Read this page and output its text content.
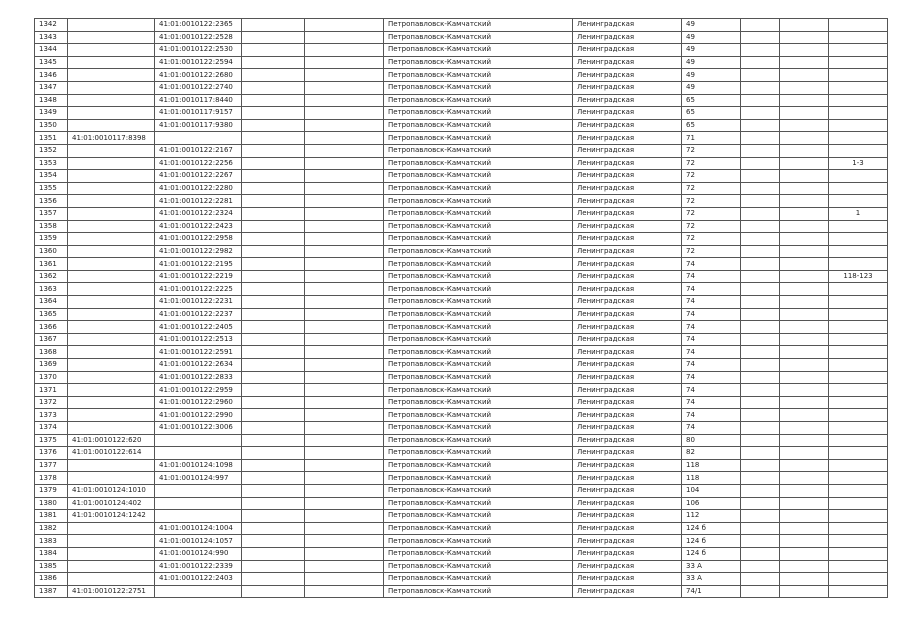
1342		41:01:0010122:2365			Петропавловск-Камчатский	Ленинградская	49			
1343		41:01:0010122:2528			Петропавловск-Камчатский	Ленинградская	49			
1344		41:01:0010122:2530			Петропавловск-Камчатский	Ленинградская	49			
1345		41:01:0010122:2594			Петропавловск-Камчатский	Ленинградская	49			
1346		41:01:0010122:2680			Петропавловск-Камчатский	Ленинградская	49			
1347		41:01:0010122:2740			Петропавловск-Камчатский	Ленинградская	49			
1348		41:01:0010117:8440			Петропавловск-Камчатский	Ленинградская	65			
1349		41:01:0010117:9157			Петропавловск-Камчатский	Ленинградская	65			
1350		41:01:0010117:9380			Петропавловск-Камчатский	Ленинградская	65			
1351	41:01:0010117:8398				Петропавловск-Камчатский	Ленинградская	71			
1352		41:01:0010122:2167			Петропавловск-Камчатский	Ленинградская	72			
1353		41:01:0010122:2256			Петропавловск-Камчатский	Ленинградская	72			1-3
1354		41:01:0010122:2267			Петропавловск-Камчатский	Ленинградская	72			
1355		41:01:0010122:2280			Петропавловск-Камчатский	Ленинградская	72			
1356		41:01:0010122:2281			Петропавловск-Камчатский	Ленинградская	72			
1357		41:01:0010122:2324			Петропавловск-Камчатский	Ленинградская	72			1
1358		41:01:0010122:2423			Петропавловск-Камчатский	Ленинградская	72			
1359		41:01:0010122:2958			Петропавловск-Камчатский	Ленинградская	72			
1360		41:01:0010122:2982			Петропавловск-Камчатский	Ленинградская	72			
1361		41:01:0010122:2195			Петропавловск-Камчатский	Ленинградская	74			
1362		41:01:0010122:2219			Петропавловск-Камчатский	Ленинградская	74			118-123
1363		41:01:0010122:2225			Петропавловск-Камчатский	Ленинградская	74			
1364		41:01:0010122:2231			Петропавловск-Камчатский	Ленинградская	74			
1365		41:01:0010122:2237			Петропавловск-Камчатский	Ленинградская	74			
1366		41:01:0010122:2405			Петропавловск-Камчатский	Ленинградская	74			
1367		41:01:0010122:2513			Петропавловск-Камчатский	Ленинградская	74			
1368		41:01:0010122:2591			Петропавловск-Камчатский	Ленинградская	74			
1369		41:01:0010122:2634			Петропавловск-Камчатский	Ленинградская	74			
1370		41:01:0010122:2833			Петропавловск-Камчатский	Ленинградская	74			
1371		41:01:0010122:2959			Петропавловск-Камчатский	Ленинградская	74			
1372		41:01:0010122:2960			Петропавловск-Камчатский	Ленинградская	74			
1373		41:01:0010122:2990			Петропавловск-Камчатский	Ленинградская	74			
1374		41:01:0010122:3006			Петропавловск-Камчатский	Ленинградская	74			
1375	41:01:0010122:620				Петропавловск-Камчатский	Ленинградская	80			
1376	41:01:0010122:614				Петропавловск-Камчатский	Ленинградская	82			
1377		41:01:0010124:1098			Петропавловск-Камчатский	Ленинградская	118			
1378		41:01:0010124:997			Петропавловск-Камчатский	Ленинградская	118			
1379	41:01:0010124:1010				Петропавловск-Камчатский	Ленинградская	104			
1380	41:01:0010124:402				Петропавловск-Камчатский	Ленинградская	106			
1381	41:01:0010124:1242				Петропавловск-Камчатский	Ленинградская	112			
1382		41:01:0010124:1004			Петропавловск-Камчатский	Ленинградская	124 б			
1383		41:01:0010124:1057			Петропавловск-Камчатский	Ленинградская	124 б			
1384		41:01:0010124:990			Петропавловск-Камчатский	Ленинградская	124 б			
1385		41:01:0010122:2339			Петропавловск-Камчатский	Ленинградская	33 А			
1386		41:01:0010122:2403			Петропавловск-Камчатский	Ленинградская	33 А			
1387	41:01:0010122:2751				Петропавловск-Камчатский	Ленинградская	74/1			
